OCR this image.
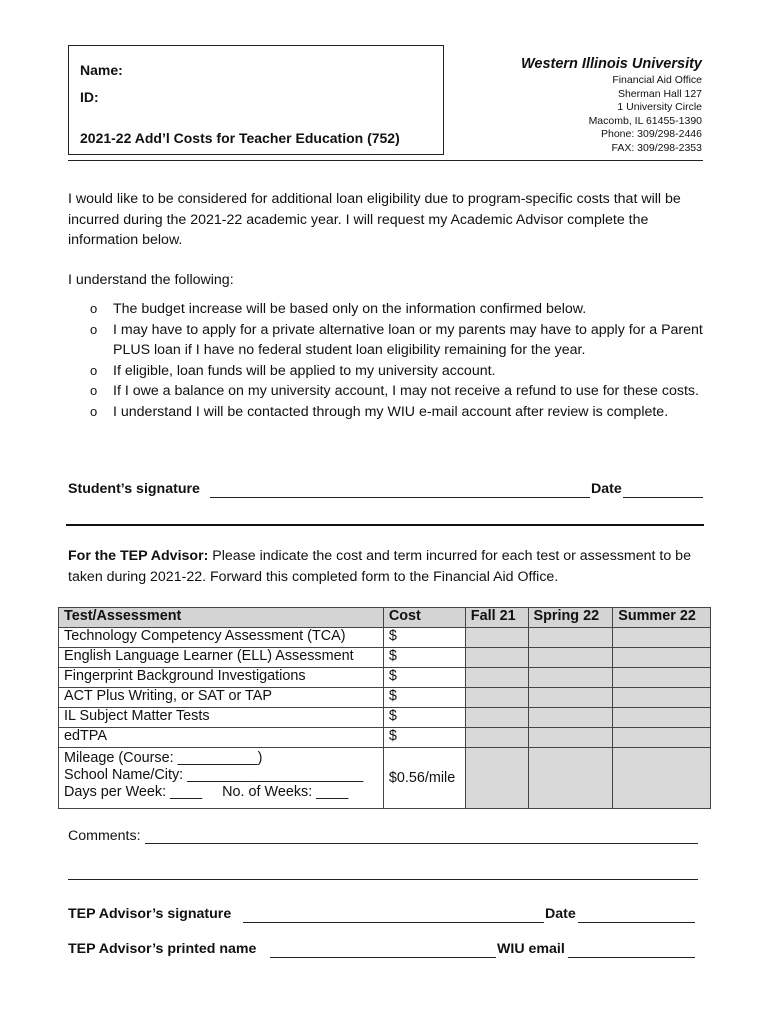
Name:
ID:
2021-22 Add’l Costs for Teacher Education (752)
Western Illinois University
Financial Aid Office
Sherman Hall 127
1 University Circle
Macomb, IL 61455-1390
Phone: 309/298-2446
FAX: 309/298-2353
I would like to be considered for additional loan eligibility due to program-specific costs that will be incurred during the 2021-22 academic year. I will request my Academic Advisor complete the information below.
I understand the following:
o The budget increase will be based only on the information confirmed below.
o I may have to apply for a private alternative loan or my parents may have to apply for a Parent PLUS loan if I have no federal student loan eligibility remaining for the year.
o If eligible, loan funds will be applied to my university account.
o If I owe a balance on my university account, I may not receive a refund to use for these costs.
o I understand I will be contacted through my WIU e-mail account after review is complete.
Student’s signature	Date
For the TEP Advisor: Please indicate the cost and term incurred for each test or assessment to be taken during 2021-22. Forward this completed form to the Financial Aid Office.
Test/Assessment	Cost	Fall 21	Spring 22	Summer 22
Technology Competency Assessment (TCA)	$			
English Language Learner (ELL) Assessment	$			
Fingerprint Background Investigations	$			
ACT Plus Writing, or SAT or TAP	$			
IL Subject Matter Tests	$			
edTPA	$			

Mileage (Course: __________)
School Name/City: ______________________
Days per Week: ____     No. of Weeks: ____	$0.56/mile			
Comments:
TEP Advisor’s signature	Date
TEP Advisor’s printed name	WIU email
